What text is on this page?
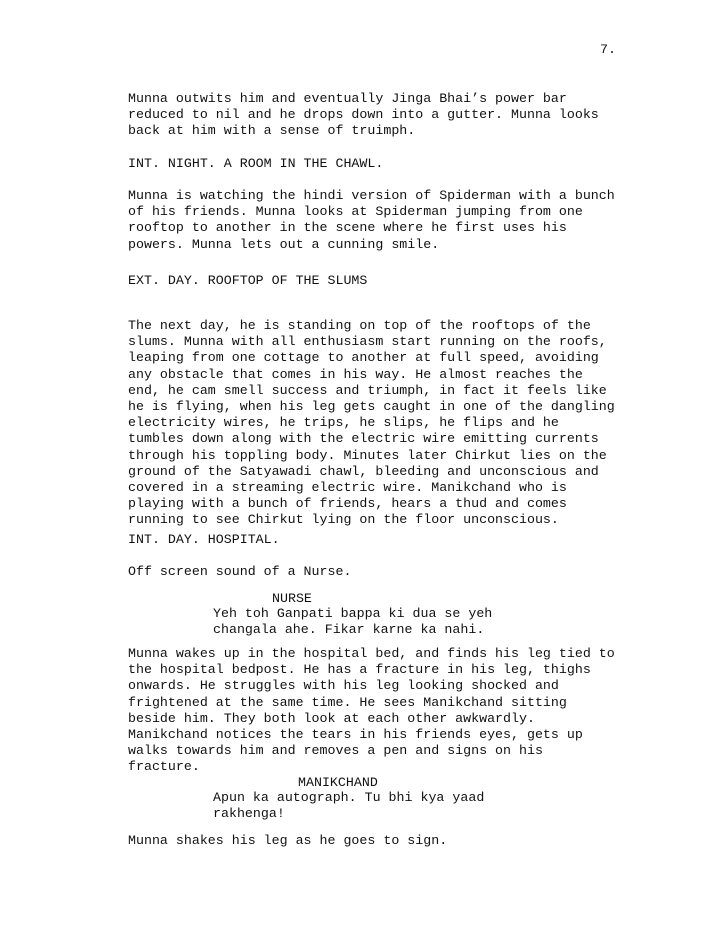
7.

Munna outwits him and eventually Jinga Bhai’s power bar
reduced to nil and he drops down into a gutter. Munna looks
back at him with a sense of truimph.

INT. NIGHT. A ROOM IN THE CHAWL.

Munna is watching the hindi version of Spiderman with a bunch
of his friends. Munna looks at Spiderman jumping from one
rooftop to another in the scene where he first uses his
powers. Munna lets out a cunning smile.

EXT. DAY. ROOFTOP OF THE SLUMS

The next day, he is standing on top of the rooftops of the
slums. Munna with all enthusiasm start running on the roofs,
leaping from one cottage to another at full speed, avoiding
any obstacle that comes in his way. He almost reaches the
end, he cam smell success and triumph, in fact it feels like
he is flying, when his leg gets caught in one of the dangling
electricity wires, he trips, he slips, he flips and he
tumbles down along with the electric wire emitting currents
through his toppling body. Minutes later Chirkut lies on the
ground of the Satyawadi chawl, bleeding and unconscious and
covered in a streaming electric wire. Manikchand who is
playing with a bunch of friends, hears a thud and comes
running to see Chirkut lying on the floor unconscious.

INT. DAY. HOSPITAL.

Off screen sound of a Nurse.

NURSE
Yeh toh Ganpati bappa ki dua se yeh
changala ahe. Fikar karne ka nahi.

Munna wakes up in the hospital bed, and finds his leg tied to
the hospital bedpost. He has a fracture in his leg, thighs
onwards. He struggles with his leg looking shocked and
frightened at the same time. He sees Manikchand sitting
beside him. They both look at each other awkwardly.
Manikchand notices the tears in his friends eyes, gets up
walks towards him and removes a pen and signs on his
fracture.

MANIKCHAND
Apun ka autograph. Tu bhi kya yaad
rakhenga!

Munna shakes his leg as he goes to sign.
